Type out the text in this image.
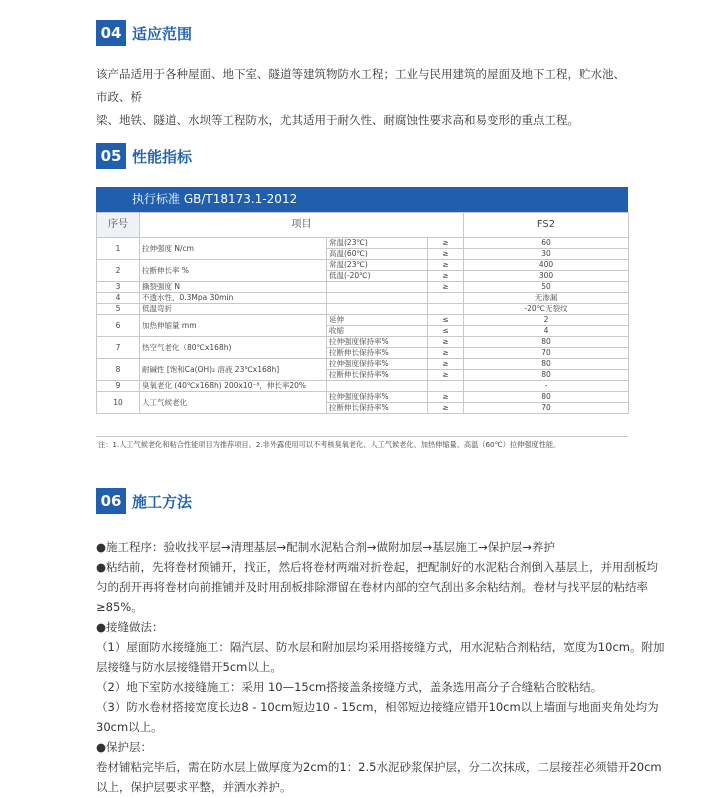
04 适应范围
该产品适用于各种屋面、地下室、隧道等建筑物防水工程；工业与民用建筑的屋面及地下工程，贮水池、市政、桥
梁、地铁、隧道、水坝等工程防水，尤其适用于耐久性、耐腐蚀性要求高和易变形的重点工程。
05 性能指标
执行标准 GB/T18173.1-2012
序号	项目			FS2
1	拉伸强度 N/cm	常温(23℃)	≥	60
		高温(60℃)	≥	30
2	拉断伸长率 %	常温(23℃)	≥	400
		低温(-20℃)	≥	300
3	撕裂强度 N		≥	50
4	不透水性，0.3Mpa 30min			无渗漏
5	低温弯折			-20℃无裂纹
6	加热伸缩量 mm	延伸	≤	2
		收缩	≤	4
7	热空气老化（80℃x168h)	拉伸强度保持率%	≥	80
		拉断伸长保持率%	≥	70
8	耐碱性 [饱和Ca(OH)₂ 溶液 23℃x168h]	拉伸强度保持率%	≥	80
		拉断伸长保持率%	≥	80
9	臭氧老化 (40℃x168h) 200x10⁻⁸，伸长率20%			-
10	人工气候老化	拉伸强度保持率%	≥	80
		拉断伸长保持率%	≥	70
注：1.人工气候老化和粘合性能项目为推荐项目。2.非外露使用可以不考核臭氧老化、人工气候老化、加热伸缩量、高温（60℃）拉伸强度性能。
06 施工方法
●施工程序：验收找平层→清理基层→配制水泥粘合剂→做附加层→基层施工→保护层→养护
●粘结前，先将卷材预铺开，找正，然后将卷材两端对折卷起，把配制好的水泥粘合剂倒入基层上，并用刮板均
匀的刮开再将卷材向前推铺并及时用刮板排除滞留在卷材内部的空气刮出多余粘结剂。卷材与找平层的粘结率
≥85%。
●接缝做法：
（1）屋面防水接缝施工：隔汽层、防水层和附加层均采用搭接缝方式，用水泥粘合剂粘结，宽度为10cm。附加
层接缝与防水层接缝错开5cm以上。
（2）地下室防水接缝施工：采用 10—15cm搭接盖条接缝方式，盖条选用高分子合缝粘合胶粘结。
（3）防水卷材搭接宽度长边8 - 10cm短边10 - 15cm，相邻短边接缝应错开10cm以上墙面与地面夹角处均为
30cm以上。
●保护层：
卷材铺粘完毕后，需在防水层上做厚度为2cm的1：2.5水泥砂浆保护层，分二次抹成，二层接茬必须错开20cm
以上，保护层要求平整，并洒水养护。
